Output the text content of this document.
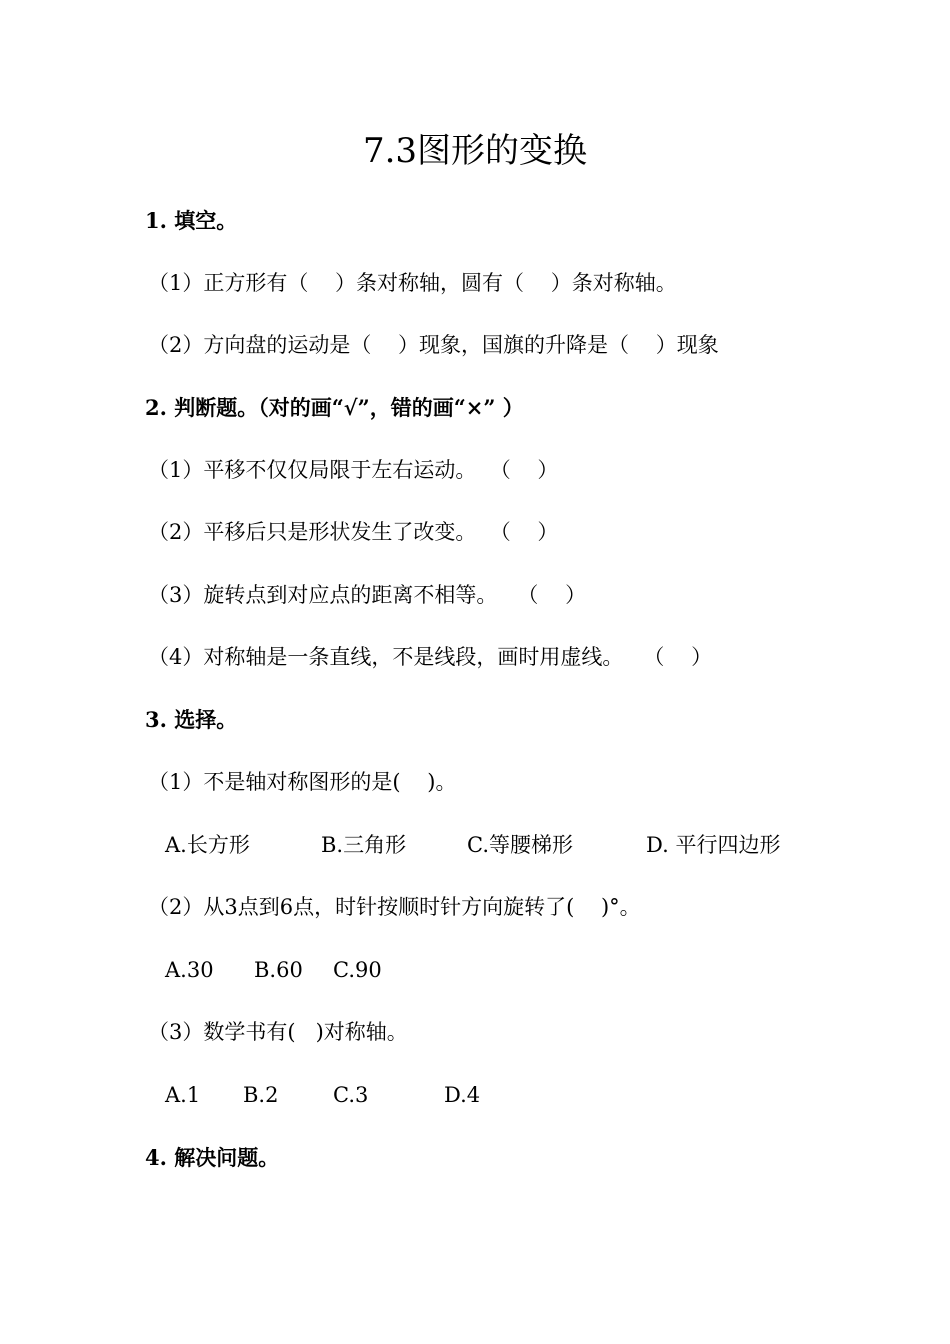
7.3图形的变换
1. 填空。
（1）正方形有（    ）条对称轴，圆有（    ）条对称轴。
（2）方向盘的运动是（    ）现象，国旗的升降是（    ）现象
2. 判断题。（对的画“√”，错的画“×” ）
（1）平移不仅仅局限于左右运动。  （    ）
（2）平移后只是形状发生了改变。  （    ）
（3）旋转点到对应点的距离不相等。   （    ）
（4）对称轴是一条直线，不是线段，画时用虚线。   （    ）
3. 选择。
（1）不是轴对称图形的是(    )。

A.长方形

	B.三角形

	C.等腰梯形

	D. 平行四边形

（2）从3点到6点，时针按顺时针方向旋转了(    )°。

A.30

B.60

C.90

（3）数学书有(   )对称轴。

A.1

B.2

	C.3

	D.4

4. 解决问题。
